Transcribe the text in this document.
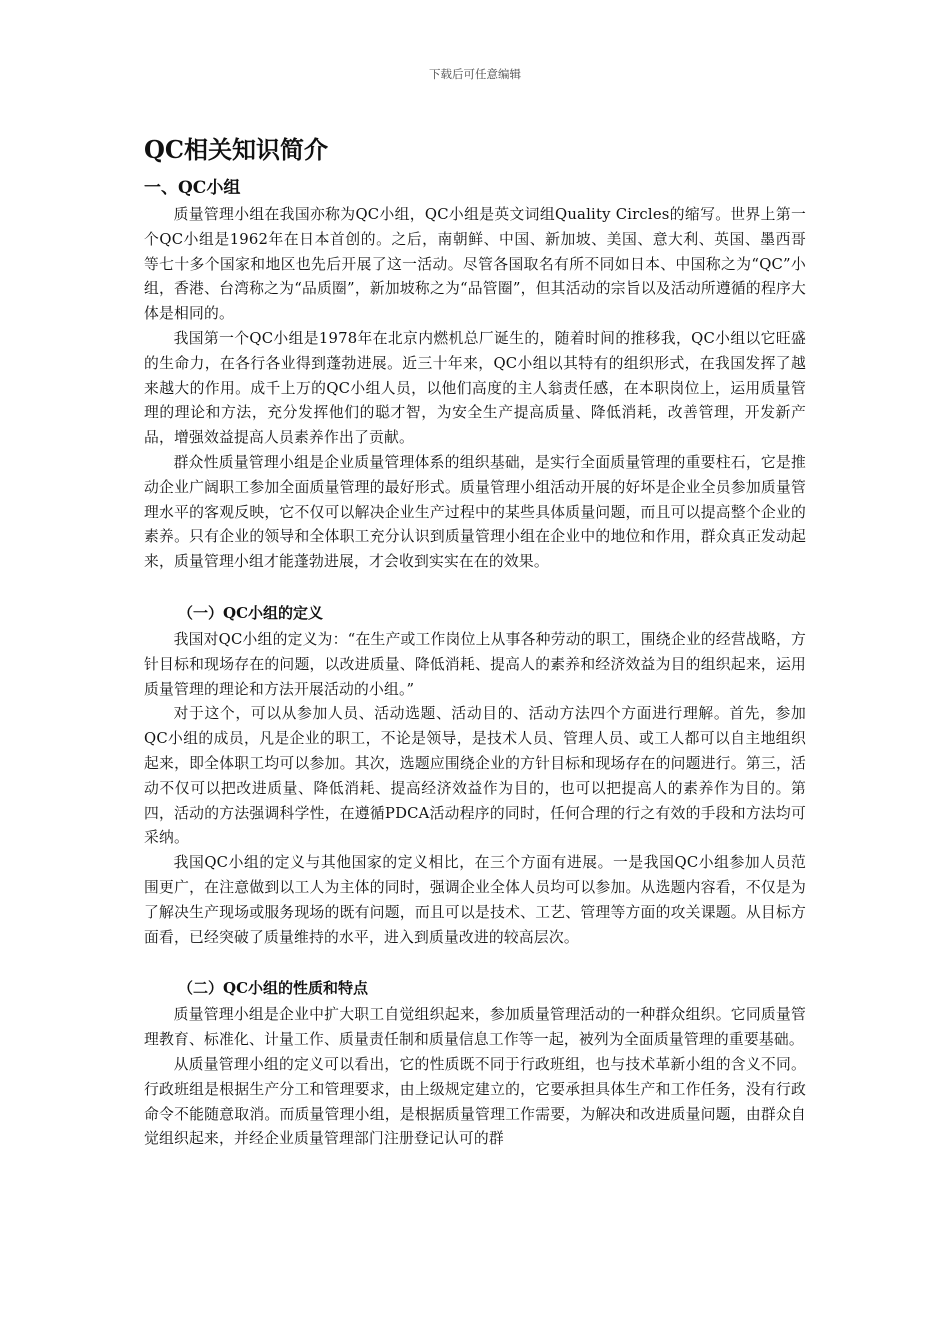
下载后可任意编辑
QC相关知识简介
一、QC小组

质量管理小组在我国亦称为QC小组，QC小组是英文词组Quality Circles的缩写。世界上第一个QC小组是1962年在日本首创的。之后，南朝鲜、中国、新加坡、美国、意大利、英国、墨西哥等七十多个国家和地区也先后开展了这一活动。尽管各国取名有所不同如日本、中国称之为“QC”小组，香港、台湾称之为“品质圈”，新加坡称之为“品管圈”，但其活动的宗旨以及活动所遵循的程序大体是相同的。

我国第一个QC小组是1978年在北京内燃机总厂诞生的，随着时间的推移我，QC小组以它旺盛的生命力，在各行各业得到蓬勃进展。近三十年来，QC小组以其特有的组织形式，在我国发挥了越来越大的作用。成千上万的QC小组人员，以他们高度的主人翁责任感，在本职岗位上，运用质量管理的理论和方法，充分发挥他们的聪才智，为安全生产提高质量、降低消耗，改善管理，开发新产品，增强效益提高人员素养作出了贡献。

群众性质量管理小组是企业质量管理体系的组织基础，是实行全面质量管理的重要柱石，它是推动企业广阔职工参加全面质量管理的最好形式。质量管理小组活动开展的好坏是企业全员参加质量管理水平的客观反映，它不仅可以解决企业生产过程中的某些具体质量问题，而且可以提高整个企业的素养。只有企业的领导和全体职工充分认识到质量管理小组在企业中的地位和作用，群众真正发动起来，质量管理小组才能蓬勃进展，才会收到实实在在的效果。

（一）QC小组的定义

我国对QC小组的定义为：“在生产或工作岗位上从事各种劳动的职工，围绕企业的经营战略，方针目标和现场存在的问题，以改进质量、降低消耗、提高人的素养和经济效益为目的组织起来，运用质量管理的理论和方法开展活动的小组。”

对于这个，可以从参加人员、活动选题、活动目的、活动方法四个方面进行理解。首先，参加QC小组的成员，凡是企业的职工，不论是领导，是技术人员、管理人员、或工人都可以自主地组织起来，即全体职工均可以参加。其次，选题应围绕企业的方针目标和现场存在的问题进行。第三，活动不仅可以把改进质量、降低消耗、提高经济效益作为目的，也可以把提高人的素养作为目的。第四，活动的方法强调科学性，在遵循PDCA活动程序的同时，任何合理的行之有效的手段和方法均可采纳。

我国QC小组的定义与其他国家的定义相比，在三个方面有进展。一是我国QC小组参加人员范围更广，在注意做到以工人为主体的同时，强调企业全体人员均可以参加。从选题内容看，不仅是为了解决生产现场或服务现场的既有问题，而且可以是技术、工艺、管理等方面的攻关课题。从目标方面看，已经突破了质量维持的水平，进入到质量改进的较高层次。

（二）QC小组的性质和特点

质量管理小组是企业中扩大职工自觉组织起来，参加质量管理活动的一种群众组织。它同质量管理教育、标准化、计量工作、质量责任制和质量信息工作等一起，被列为全面质量管理的重要基础。

从质量管理小组的定义可以看出，它的性质既不同于行政班组，也与技术革新小组的含义不同。行政班组是根据生产分工和管理要求，由上级规定建立的，它要承担具体生产和工作任务，没有行政命令不能随意取消。而质量管理小组，是根据质量管理工作需要，为解决和改进质量问题，由群众自觉组织起来，并经企业质量管理部门注册登记认可的群
